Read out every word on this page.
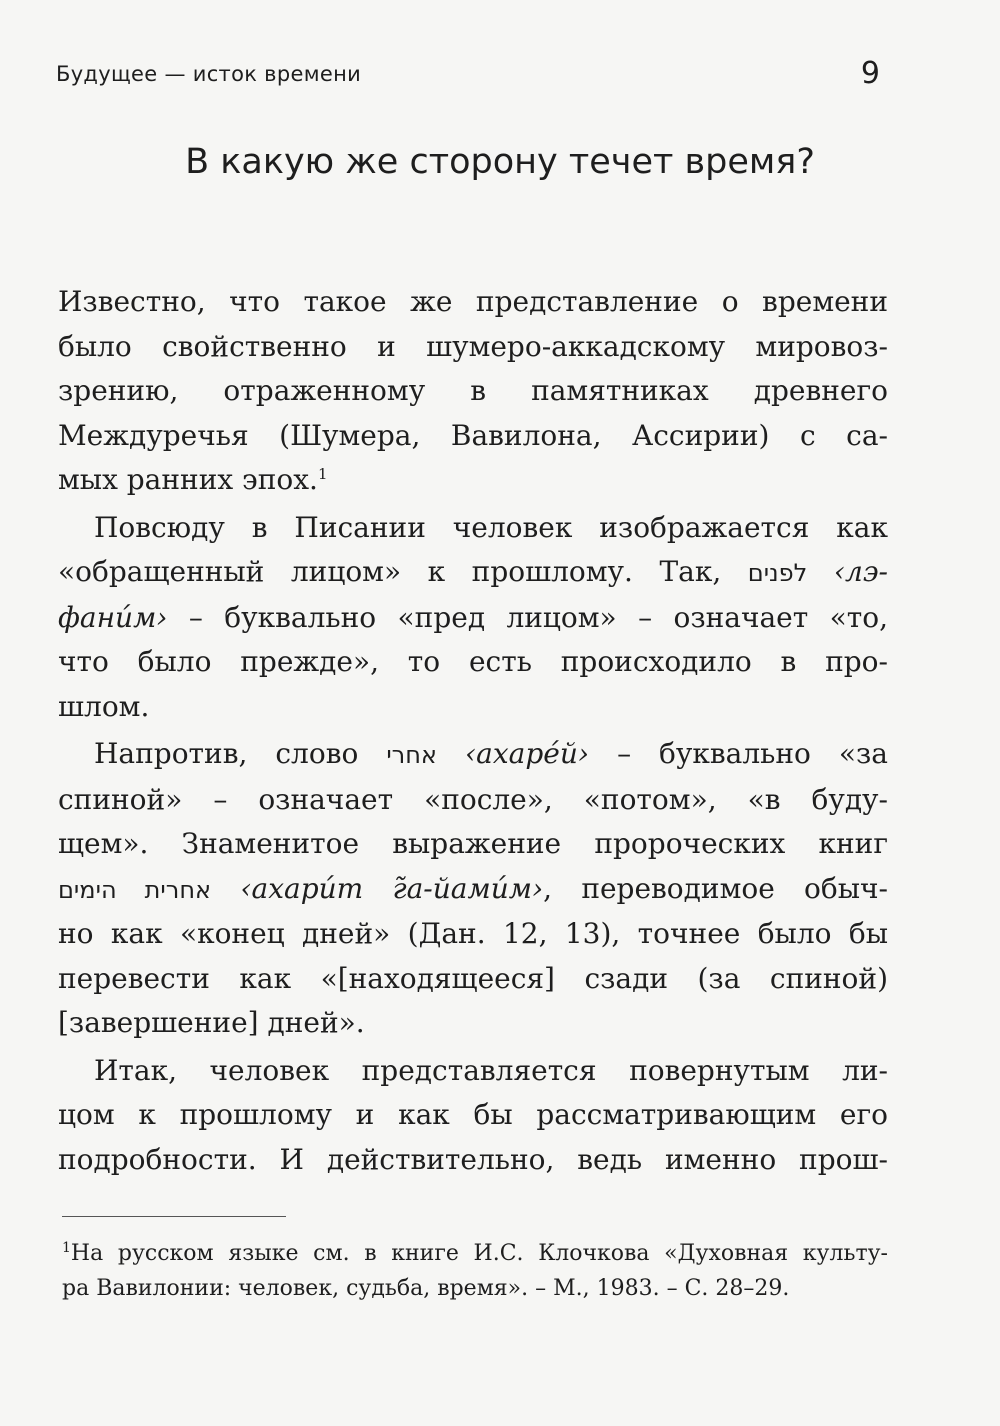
Будущее — исток времени	9
В какую же сторону течет время?
Известно, что такое же представление о времени
было свойственно и шумеро-аккадскому мировоз-
зрению, отраженному в памятниках древнего
Междуречья (Шумера, Вавилона, Ассирии) с са-
мых ранних эпох.$^1$
Повсюду в Писании человек изображается как
«обращенный лицом» к прошлому. Так, לפנים ‹лэ-
фани́м› – буквально «пред лицом» – означает «то,
что было прежде», то есть происходило в про-
шлом.
Напротив, слово אחרי ‹ахаре́й› – буквально «за
спиной» – означает «после», «потом», «в буду-
щем». Знаменитое выражение пророческих книг
אחרית הימים ‹ахари́т г̃а-йами́м›, переводимое обыч-
но как «конец дней» (Дан. 12, 13), точнее было бы
перевести как «[находящееся] сзади (за спиной)
[завершение] дней».
Итак, человек представляется повернутым ли-
цом к прошлому и как бы рассматривающим его
подробности. И действительно, ведь именно прош-
$^1$На русском языке см. в книге И.С. Клочкова «Духовная культу-
ра Вавилонии: человек, судьба, время». – М., 1983. – С. 28–29.
